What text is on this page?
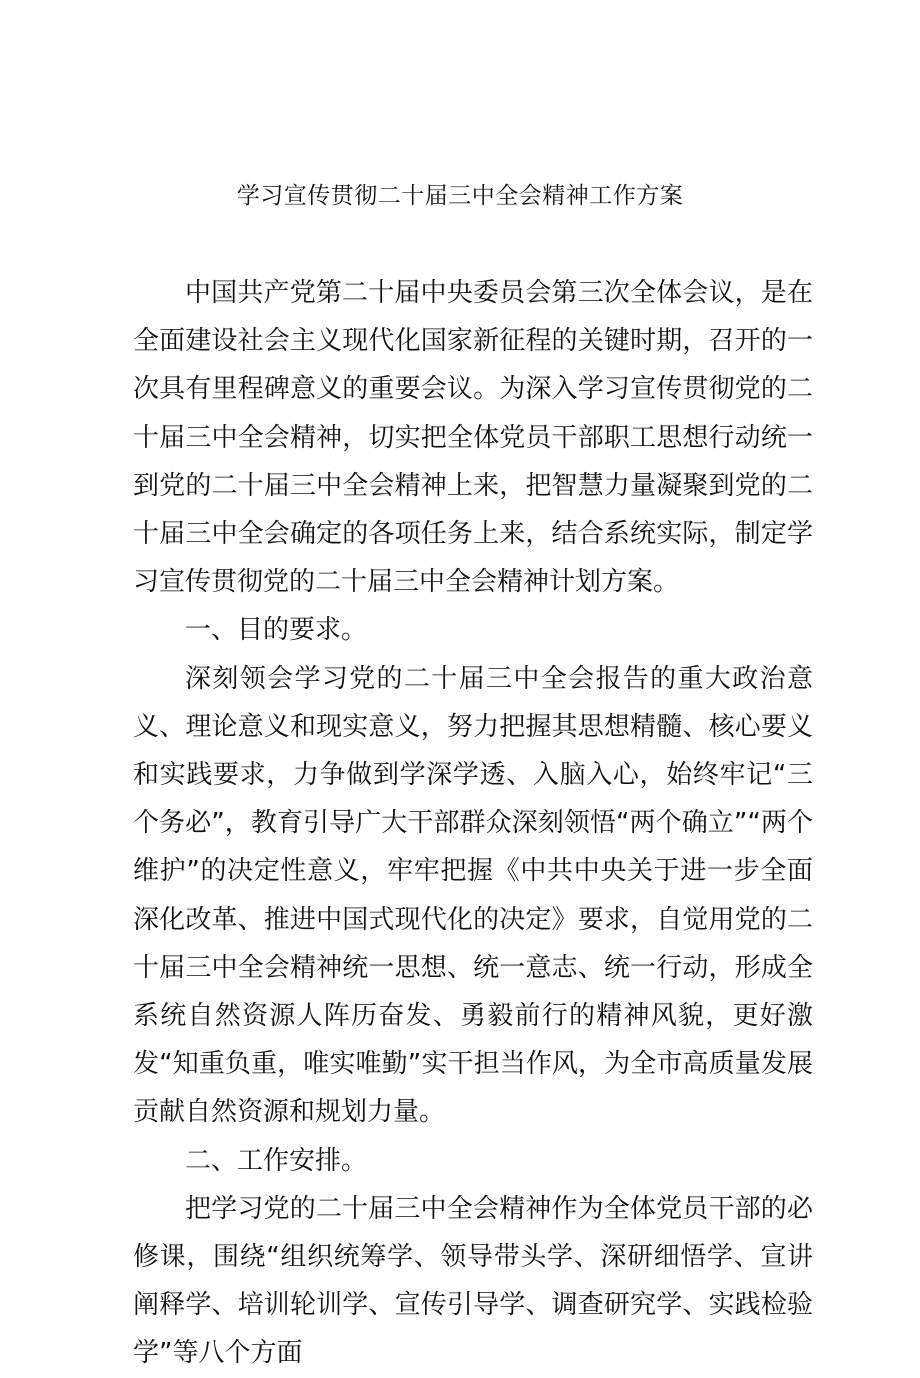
学习宣传贯彻二十届三中全会精神工作方案

中国共产党第二十届中央委员会第三次全体会议，是在全面建设社会主义现代化国家新征程的关键时期，召开的一次具有里程碑意义的重要会议。为深入学习宣传贯彻党的二十届三中全会精神，切实把全体党员干部职工思想行动统一到党的二十届三中全会精神上来，把智慧力量凝聚到党的二十届三中全会确定的各项任务上来，结合系统实际，制定学习宣传贯彻党的二十届三中全会精神计划方案。

一、目的要求。

深刻领会学习党的二十届三中全会报告的重大政治意义、理论意义和现实意义，努力把握其思想精髓、核心要义和实践要求，力争做到学深学透、入脑入心，始终牢记“三个务必”，教育引导广大干部群众深刻领悟“两个确立”“两个维护”的决定性意义，牢牢把握《中共中央关于进一步全面深化改革、推进中国式现代化的决定》要求，自觉用党的二十届三中全会精神统一思想、统一意志、统一行动，形成全系统自然资源人阵历奋发、勇毅前行的精神风貌，更好激发“知重负重，唯实唯勤”实干担当作风，为全市高质量发展贡献自然资源和规划力量。

二、工作安排。

把学习党的二十届三中全会精神作为全体党员干部的必修课，围绕“组织统筹学、领导带头学、深研细悟学、宣讲阐释学、培训轮训学、宣传引导学、调查研究学、实践检验学”等八个方面
